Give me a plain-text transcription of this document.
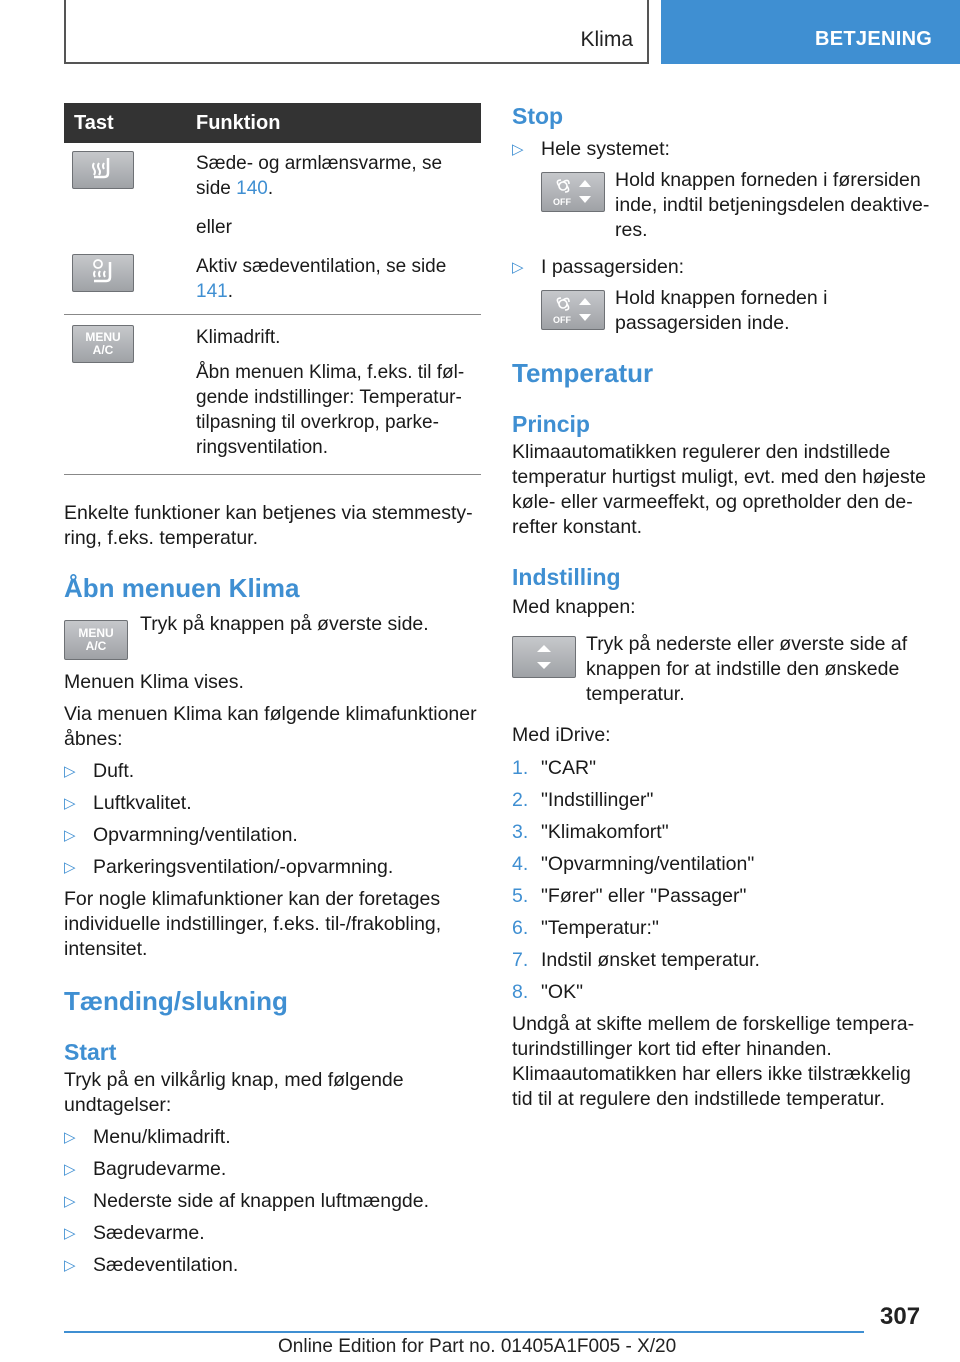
Klima	BETJENING
Tast	Funktion

Sæde- og armlænsvarme, se side 140.

eller

Aktiv sædeventilation, se side 141.

MENU
A/C

Klimadrift.

Åbn menuen Klima, f.eks. til følgende indstillinger: Temperaturtilpasning til overkrop, parkeringsventilation.

Enkelte funktioner kan betjenes via stemmestyring, f.eks. temperatur.

Åbn menuen Klima
MENU
A/C

Tryk på knappen på øverste side.

Menuen Klima vises.

Via menuen Klima kan følgende klimafunktioner åbnes:

▷ Duft.
▷ Luftkvalitet.
▷ Opvarmning/ventilation.
▷ Parkeringsventilation/-opvarmning.

For nogle klimafunktioner kan der foretages individuelle indstillinger, f.eks. til-/frakobling, intensitet.

Tænding/slukning
Start

Tryk på en vilkårlig knap, med følgende undtagelser:

▷ Menu/klimadrift.
▷ Bagrudevarme.
▷ Nederste side af knappen luftmængde.
▷ Sædevarme.
▷ Sædeventilation.
Stop
▷ Hele systemet:
OFF

Hold knappen forneden i førersiden inde, indtil betjeningsdelen deaktiveres.

▷ I passagersiden:
OFF

Hold knappen forneden i passagersiden inde.

Temperatur
Princip

Klimaautomatikken regulerer den indstillede temperatur hurtigst muligt, evt. med den højeste køle- eller varmeeffekt, og opretholder den derefter konstant.

Indstilling

Med knappen:

Tryk på nederste eller øverste side af knappen for at indstille den ønskede temperatur.

Med iDrive:

1. "CAR"
2. "Indstillinger"
3. "Klimakomfort"
4. "Opvarmning/ventilation"
5. "Fører" eller "Passager"
6. "Temperatur:"
7. Indstil ønsket temperatur.
8. "OK"

Undgå at skifte mellem de forskellige temperaturindstillinger kort tid efter hinanden. Klimaautomatikken har ellers ikke tilstrækkelig tid til at regulere den indstillede temperatur.

307
Online Edition for Part no. 01405A1F005 - X/20
